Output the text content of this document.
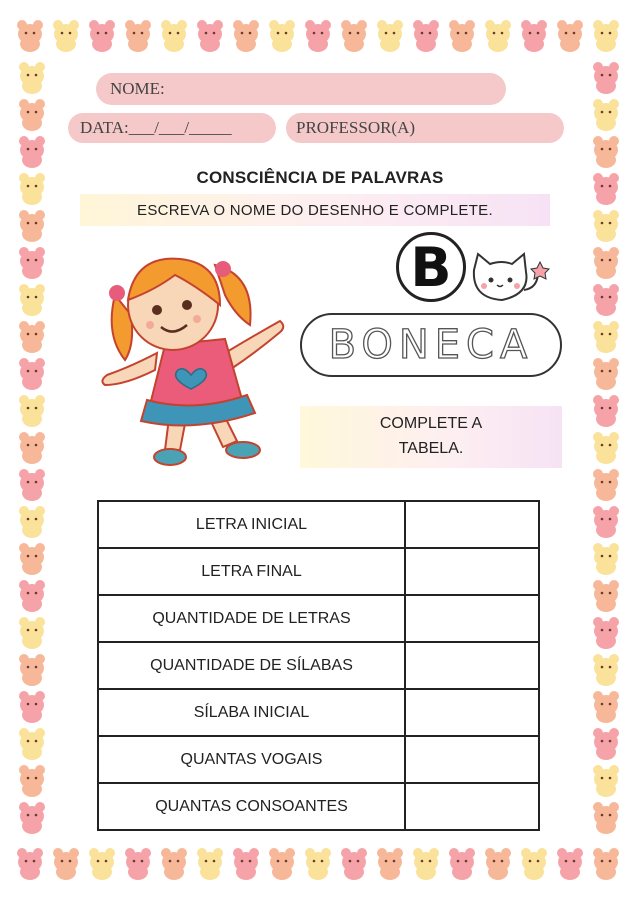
NOME:
DATA:___/___/_____	PROFESSOR(A)
CONSCIÊNCIA DE PALAVRAS
ESCREVA O NOME DO DESENHO E COMPLETE.
B
BONECA
COMPLETE A
TABELA.
LETRA INICIAL	
LETRA FINAL	
QUANTIDADE DE LETRAS	
QUANTIDADE DE SÍLABAS	
SÍLABA INICIAL	
QUANTAS VOGAIS	
QUANTAS CONSOANTES	
